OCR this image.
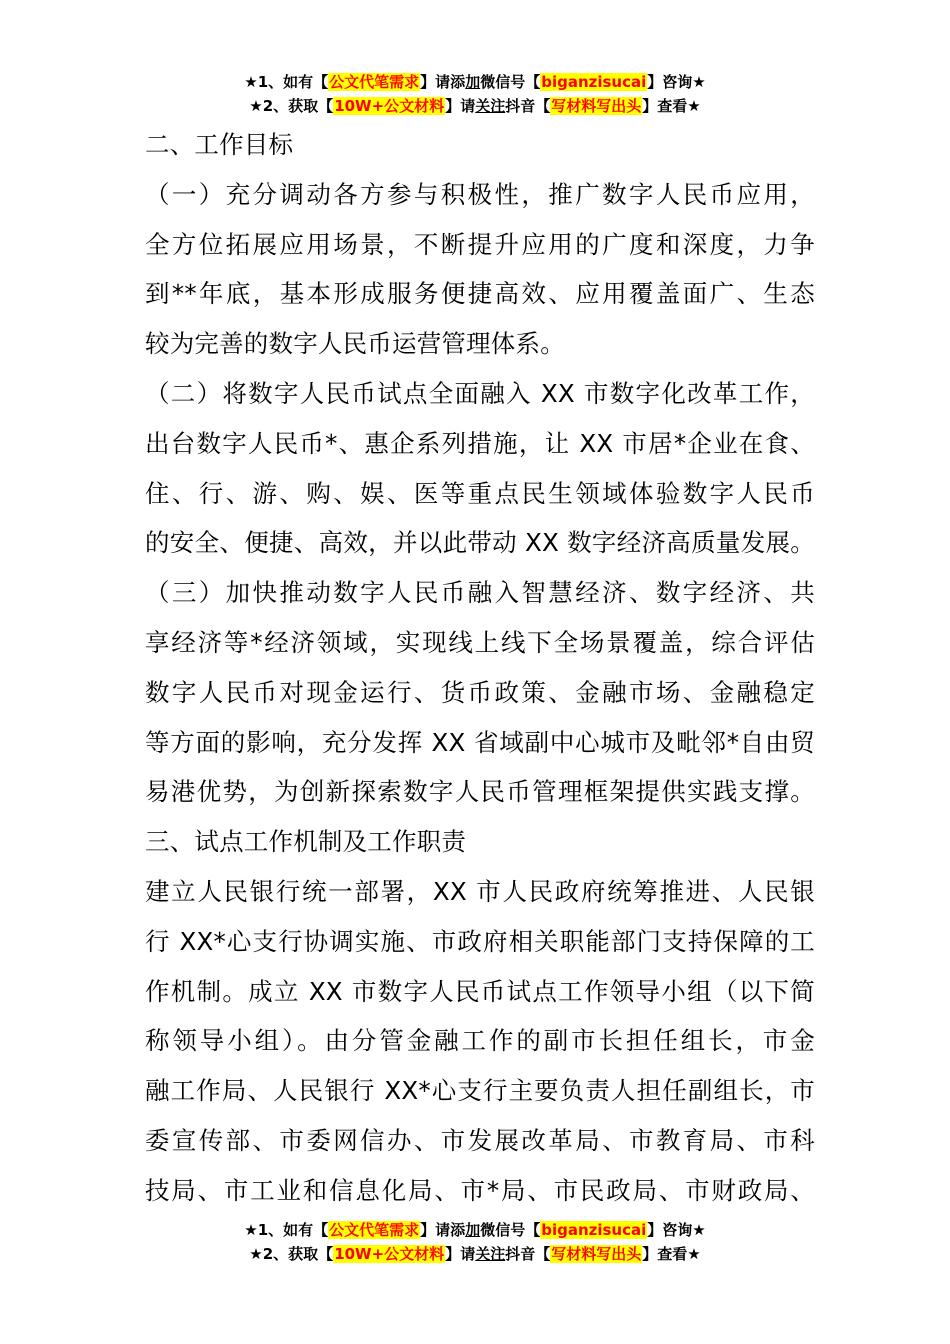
★1、如有【公文代笔需求】请添加微信号【biganzisucai】咨询★
★2、获取【10W+公文材料】请关注抖音【写材料写出头】查看★
二、工作目标
（一）充分调动各方参与积极性，推广数字人民币应用，
全方位拓展应用场景，不断提升应用的广度和深度，力争
到**年底，基本形成服务便捷高效、应用覆盖面广、生态
较为完善的数字人民币运营管理体系。
（二）将数字人民币试点全面融入 XX 市数字化改革工作，
出台数字人民币*、惠企系列措施，让 XX 市居*企业在食、
住、行、游、购、娱、医等重点民生领域体验数字人民币
的安全、便捷、高效，并以此带动 XX 数字经济高质量发展。
（三）加快推动数字人民币融入智慧经济、数字经济、共
享经济等*经济领域，实现线上线下全场景覆盖，综合评估
数字人民币对现金运行、货币政策、金融市场、金融稳定
等方面的影响，充分发挥 XX 省域副中心城市及毗邻*自由贸
易港优势，为创新探索数字人民币管理框架提供实践支撑。
三、试点工作机制及工作职责
建立人民银行统一部署，XX 市人民政府统筹推进、人民银
行 XX*心支行协调实施、市政府相关职能部门支持保障的工
作机制。成立 XX 市数字人民币试点工作领导小组（以下简
称领导小组）。由分管金融工作的副市长担任组长，市金
融工作局、人民银行 XX*心支行主要负责人担任副组长，市
委宣传部、市委网信办、市发展改革局、市教育局、市科
技局、市工业和信息化局、市*局、市民政局、市财政局、
★1、如有【公文代笔需求】请添加微信号【biganzisucai】咨询★
★2、获取【10W+公文材料】请关注抖音【写材料写出头】查看★
